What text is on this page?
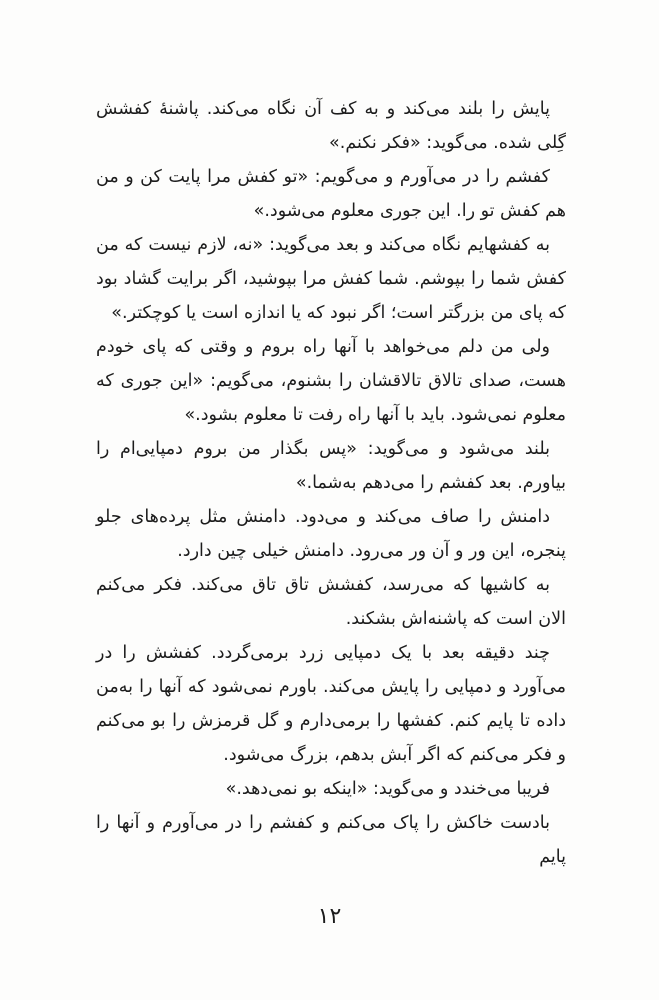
پایش را بلند می‌کند و به کف آن نگاه می‌کند. پاشنهٔ کفشش گِلی شده. می‌گوید: «فکر نکنم.»

کفشم را در می‌آورم و می‌گویم: «تو کفش مرا پایت کن و من هم کفش تو را. این جوری معلوم می‌شود.»

به کفشهایم نگاه می‌کند و بعد می‌گوید: «نه، لازم نیست که من کفش شما را بپوشم. شما کفش مرا بپوشید، اگر برایت گشاد بود که پای من بزرگتر است؛ اگر نبود که یا اندازه است یا کوچکتر.»

ولی من دلم می‌خواهد با آنها راه بروم و وقتی که پای خودم هست، صدای تالاق تالاقشان را بشنوم، می‌گویم: «این جوری که معلوم نمی‌شود. باید با آنها راه رفت تا معلوم بشود.»

بلند می‌شود و می‌گوید: «پس بگذار من بروم دمپایی‌ام را بیاورم. بعد کفشم را می‌دهم به‌شما.»

دامنش را صاف می‌کند و می‌دود. دامنش مثل پرده‌های جلو پنجره، این ور و آن ور می‌رود. دامنش خیلی چین دارد.

به کاشیها که می‌رسد، کفشش تاق تاق می‌کند. فکر می‌کنم الان است که پاشنه‌اش بشکند.

چند دقیقه بعد با یک دمپایی زرد برمی‌گردد. کفشش را در می‌آورد و دمپایی را پایش می‌کند. باورم نمی‌شود که آنها را به‌من داده تا پایم کنم. کفشها را برمی‌دارم و گل قرمزش را بو می‌کنم و فکر می‌کنم که اگر آبش بدهم، بزرگ می‌شود.

فریبا می‌خندد و می‌گوید: «اینکه بو نمی‌دهد.»

بادست خاکش را پاک می‌کنم و کفشم را در می‌آورم و آنها را پایم

۱۲
